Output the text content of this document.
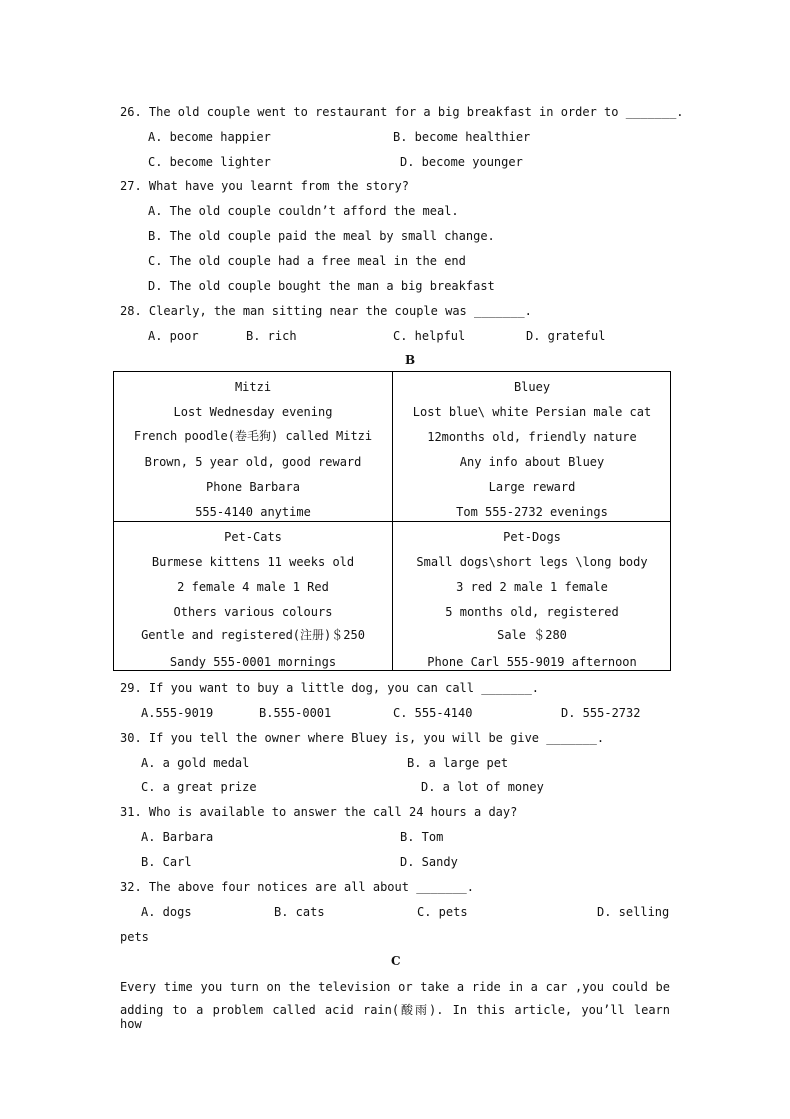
26. The old couple went to restaurant for a big breakfast in order to _______.
A. become happier	B. become healthier
C. become lighter	D. become younger
27. What have you learnt from the story?
A. The old couple couldn’t afford the meal.
B. The old couple paid the meal by small change.
C. The old couple had a free meal in the end
D. The old couple bought the man a big breakfast
28. Clearly, the man sitting near the couple was _______.
A. poor	B. rich	C. helpful	D. grateful
B
Mitzi
Lost Wednesday evening
French poodle(卷毛狗) called Mitzi
Brown, 5 year old, good reward
Phone Barbara
555-4140 anytime
Bluey
Lost blue\ white Persian male cat
12months old, friendly nature
Any info about Bluey
Large reward
Tom 555-2732 evenings
Pet-Cats
Burmese kittens 11 weeks old
2 female 4 male 1 Red
Others various colours
Gentle and registered(注册)＄250
Sandy 555-0001 mornings
Pet-Dogs
Small dogs\short legs \long body
3 red 2 male 1 female
5 months old, registered
Sale ＄280
Phone Carl 555-9019 afternoon
29. If you want to buy a little dog, you can call _______.
A.555-9019	B.555-0001	C. 555-4140	D. 555-2732
30. If you tell the owner where Bluey is, you will be give _______.
A. a gold medal	B. a large pet
C. a great prize	D. a lot of money
31. Who is available to answer the call 24 hours a day?
A. Barbara	B. Tom
B. Carl	D. Sandy
32. The above four notices are all about _______.
A. dogs	B. cats	C. pets	D. selling
pets
C
Every time you turn on the television or take a ride in a car ,you could be
adding to a problem called acid rain(酸雨). In this article, you’ll learn how
